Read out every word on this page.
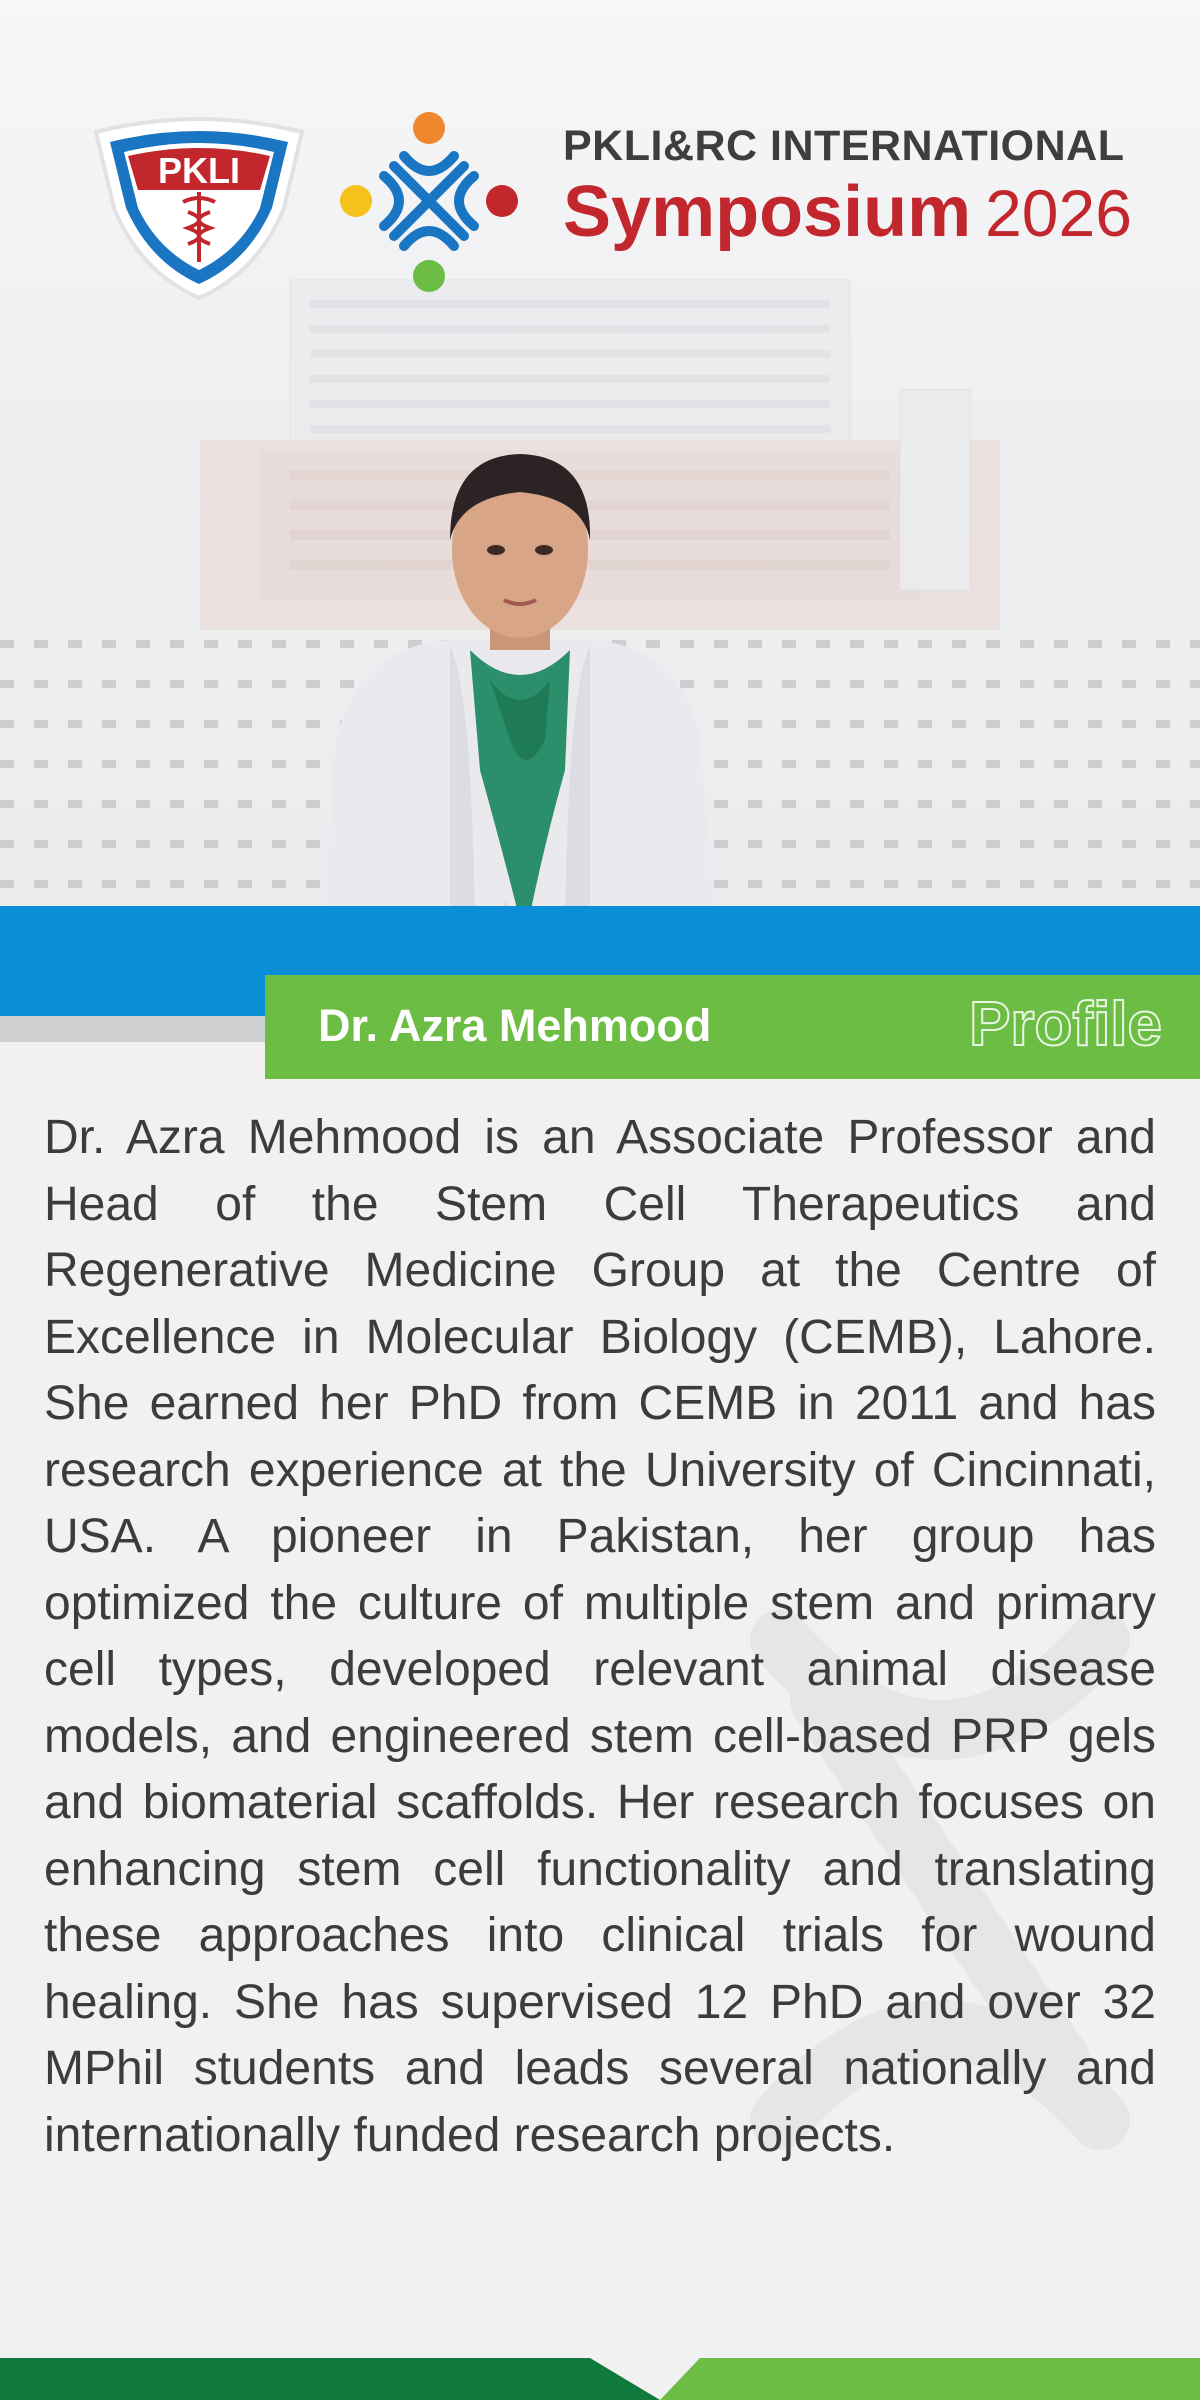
PKLI
PKLI&RC INTERNATIONAL
Symposium 2026
Dr. Azra Mehmood	Profile

Dr. Azra Mehmood is an Associate Professor and Head of the Stem Cell Therapeutics and Regenerative Medicine Group at the Centre of Excellence in Molecular Biology (CEMB), Lahore. She earned her PhD from CEMB in 2011 and has research experience at the University of Cincinnati, USA. A pioneer in Pakistan, her group has optimized the culture of multiple stem and primary cell types, developed relevant animal disease models, and engineered stem cell-based PRP gels and biomaterial scaffolds. Her research focuses on enhancing stem cell functionality and translating these approaches into clinical trials for wound healing. She has supervised 12 PhD and over 32 MPhil students and leads several nationally and internationally funded research projects.
